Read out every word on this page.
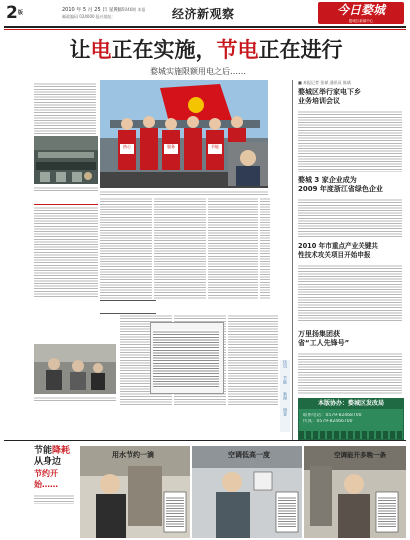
$2^版$	2010 年 5 月 25 日 星期三
第5046期 本报
邮政编码 024000 报社地址：	经济新观察	今日婺城
婺城区新闻中心
让电正在实施，节电正在进行
婺城实施限额用电之后……
热心	服务	节能
快讯
节能
新闻
调查
■ 本报记者 张斌 通讯员 陈斌
婺城区举行家电下乡
业务培训会议
婺城 3 家企业成为
2009 年度浙江省绿色企业
2010 年市重点产业关键共
性技术攻关项目开始申报
万里扬集团获
省“工人先锋号”
本版协办：婺城区发改局
联系电话：0579-82468700
传真：0579-82466700
节能降耗
从身边
节约开始……
用水节约一滴	空调低高一度	空调能开多晚一条
